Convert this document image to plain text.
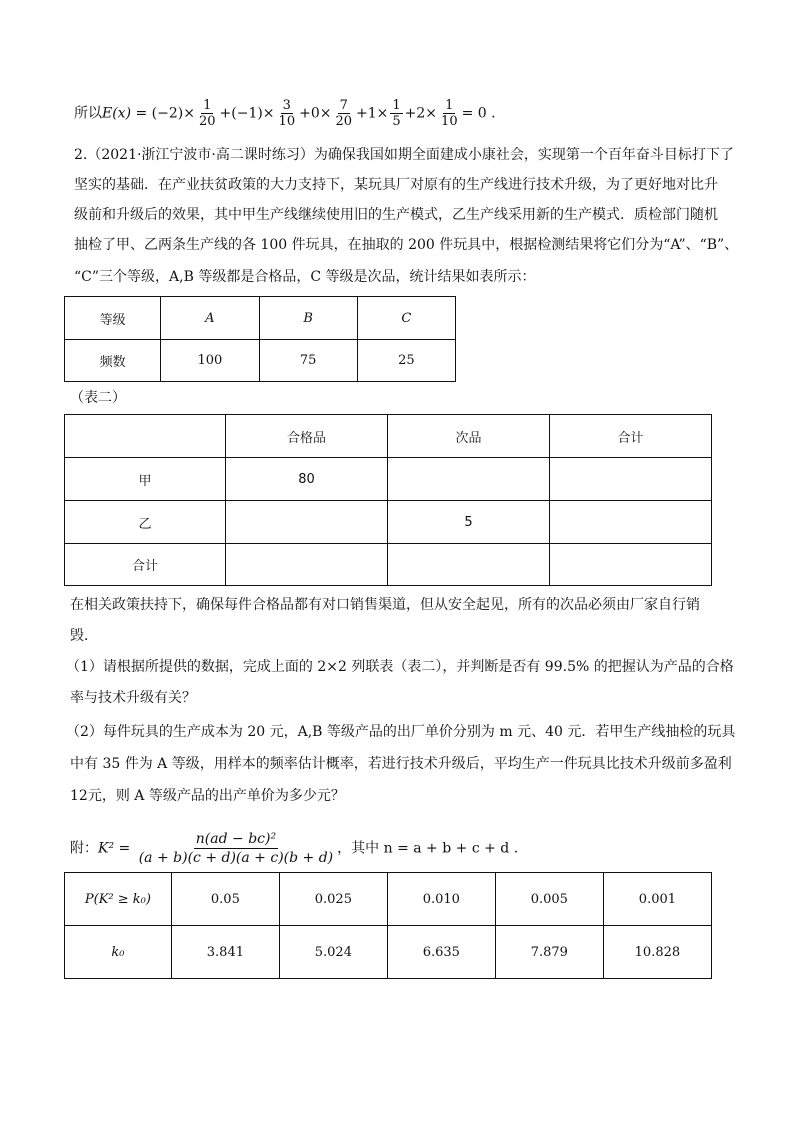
所以$E(x) = (-2)\times \frac{1}{20} +(-1)\times \frac{3}{10} +0\times \frac{7}{20} +1\times \frac{1}{5} +2\times \frac{1}{10} = 0$ .
2.（2021·浙江宁波市·高二课时练习）为确保我国如期全面建成小康社会，实现第一个百年奋斗目标打下了
坚实的基础．在产业扶贫政策的大力支持下，某玩具厂对原有的生产线进行技术升级，为了更好地对比升
级前和升级后的效果，其中甲生产线继续使用旧的生产模式，乙生产线采用新的生产模式．质检部门随机
抽检了甲、乙两条生产线的各 100 件玩具，在抽取的 200 件玩具中，根据检测结果将它们分为“A”、“B”、
“C”三个等级，A,B 等级都是合格品，C 等级是次品，统计结果如表所示：
等级	A	B	C
频数	100	75	25
（表二）
	合格品	次品	合计
甲	80		
乙		5	
合计			
在相关政策扶持下，确保每件合格品都有对口销售渠道，但从安全起见，所有的次品必须由厂家自行销
毁．
（1）请根据所提供的数据，完成上面的 2×2 列联表（表二），并判断是否有 99.5% 的把握认为产品的合格
率与技术升级有关？
（2）每件玩具的生产成本为 20 元，A,B 等级产品的出厂单价分别为 m 元、40 元．若甲生产线抽检的玩具
中有 35 件为 A 等级，用样本的频率估计概率，若进行技术升级后，平均生产一件玩具比技术升级前多盈利
12元，则 A 等级产品的出产单价为多少元？
附：$K^2 = \frac{\text{n(ad − bc)²}}{(a + b)(c + d)(a + c)(b + d)}$ ，其中 n = a + b + c + d .
P(K² ≥ k₀)	0.05	0.025	0.010	0.005	0.001
k₀	3.841	5.024	6.635	7.879	10.828
